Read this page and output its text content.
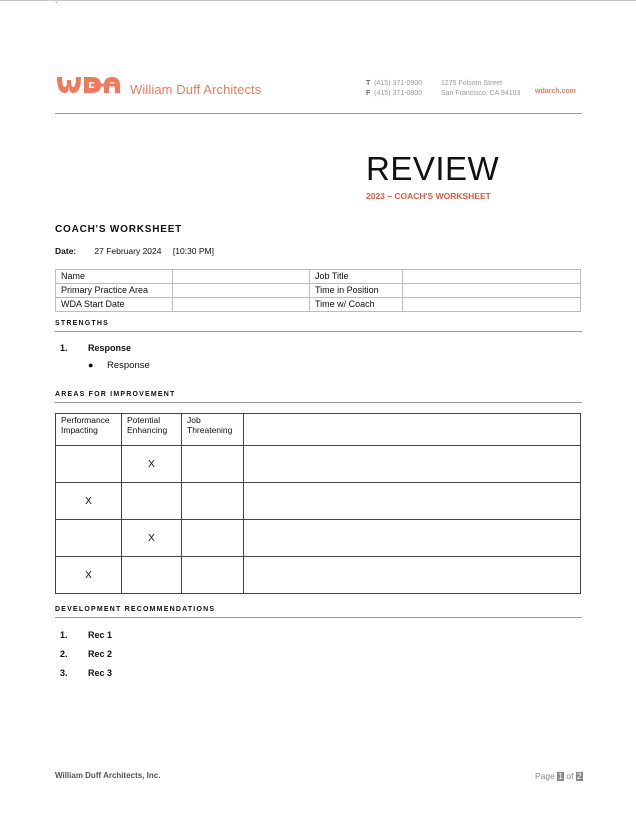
`
William Duff Architects	T (415) 371-0900
F (415) 371-0800
1275 Folsom Street
San Francisco, CA 94103 wdarch.com
REVIEW
2023 – COACH'S WORKSHEET
COACH'S WORKSHEET
Date: 27 February 2024 [10:30 PM]
Name		Job Title	
Primary Practice Area		Time in Position	
WDA Start Date		Time w/ Coach	
STRENGTHS
1. Response
● Response
AREAS FOR IMPROVEMENT
Performance Impacting	Potential Enhancing	Job Threatening	
	X		
X			
	X		
X			
DEVELOPMENT RECOMMENDATIONS
1. Rec 1
2. Rec 2
3. Rec 3
William Duff Architects, Inc.	Page 1 of 2
